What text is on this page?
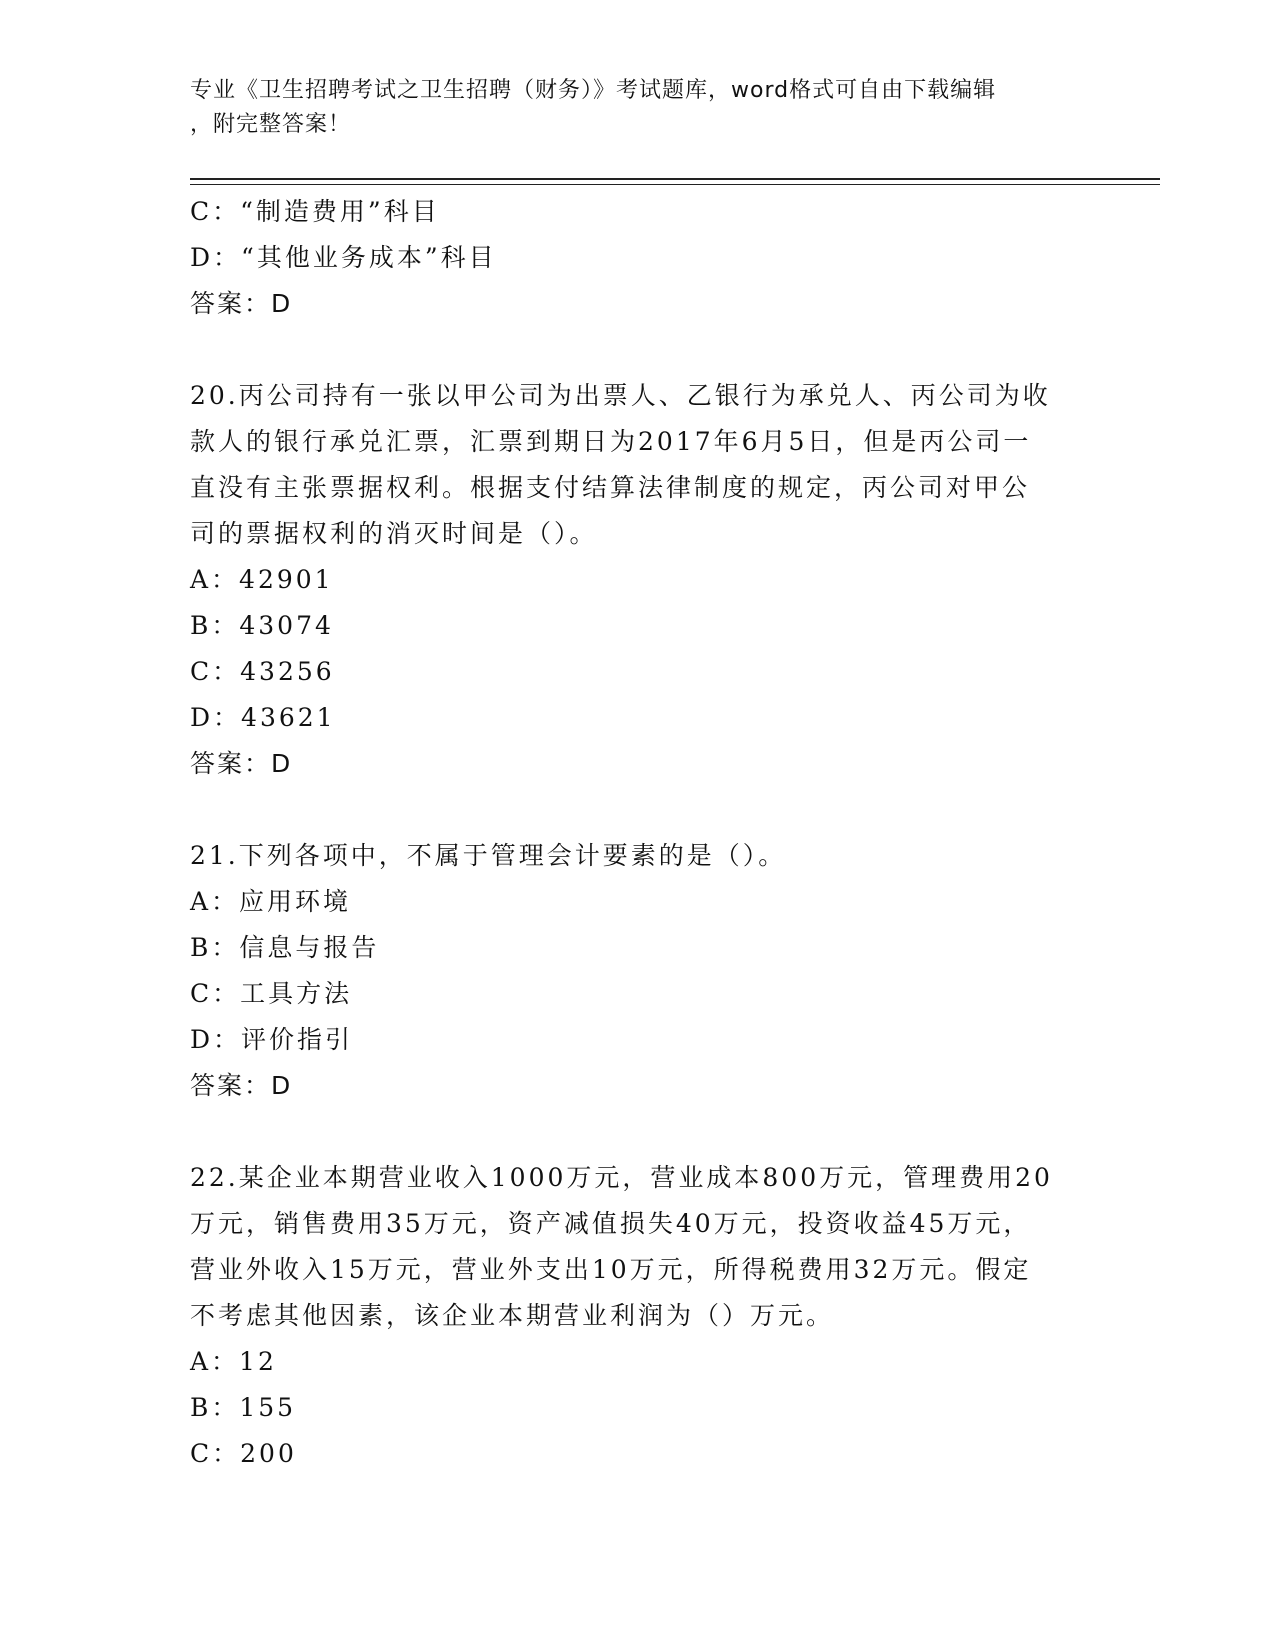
专业《卫生招聘考试之卫生招聘（财务）》考试题库，word格式可自由下载编辑
，附完整答案！
C：“制造费用”科目
D：“其他业务成本”科目
答案：D
20.丙公司持有一张以甲公司为出票人、乙银行为承兑人、丙公司为收
款人的银行承兑汇票，汇票到期日为2017年6月5日，但是丙公司一
直没有主张票据权利。根据支付结算法律制度的规定，丙公司对甲公
司的票据权利的消灭时间是（）。
A：42901
B：43074
C：43256
D：43621
答案：D
21.下列各项中，不属于管理会计要素的是（）。
A：应用环境
B：信息与报告
C：工具方法
D：评价指引
答案：D
22.某企业本期营业收入1000万元，营业成本800万元，管理费用20
万元，销售费用35万元，资产减值损失40万元，投资收益45万元，
营业外收入15万元，营业外支出10万元，所得税费用32万元。假定
不考虑其他因素，该企业本期营业利润为（）万元。
A：12
B：155
C：200
